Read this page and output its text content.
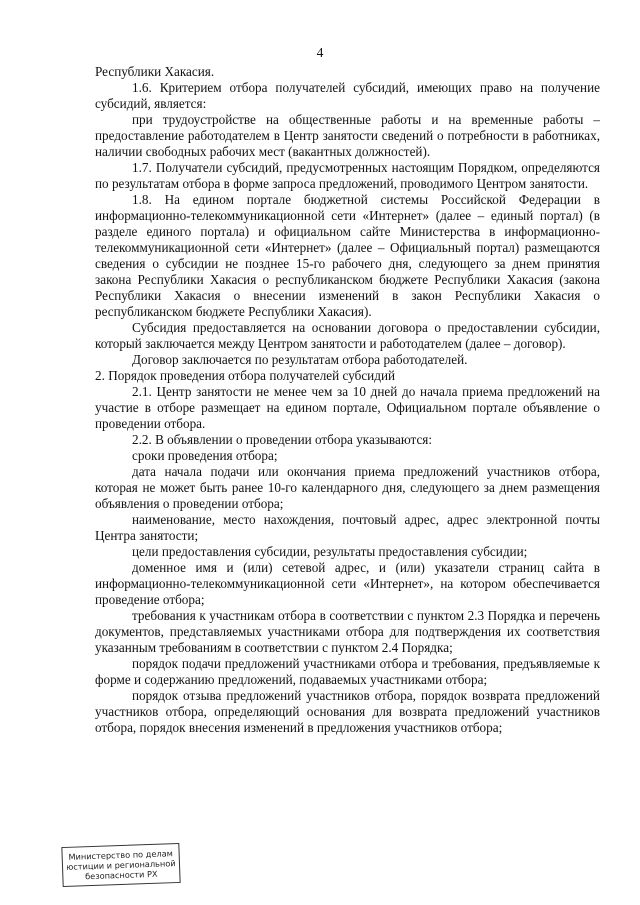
4

Республики Хакасия.

1.6. Критерием отбора получателей субсидий, имеющих право на получение субсидий, является:

при трудоустройстве на общественные работы и на временные работы – предоставление работодателем в Центр занятости сведений о потребности в работниках, наличии свободных рабочих мест (вакантных должностей).

1.7. Получатели субсидий, предусмотренных настоящим Порядком, определяются по результатам отбора в форме запроса предложений, проводимого Центром занятости.

1.8. На едином портале бюджетной системы Российской Федерации в информационно-телекоммуникационной сети «Интернет» (далее – единый портал) (в разделе единого портала) и официальном сайте Министерства в информационно-телекоммуникационной сети «Интернет» (далее – Официальный портал) размещаются сведения о субсидии не позднее 15-го рабочего дня, следующего за днем принятия закона Республики Хакасия о республиканском бюджете Республики Хакасия (закона Республики Хакасия о внесении изменений в закон Республики Хакасия о республиканском бюджете Республики Хакасия).

Субсидия предоставляется на основании договора о предоставлении субсидии, который заключается между Центром занятости и работодателем (далее – договор).

Договор заключается по результатам отбора работодателей.

2. Порядок проведения отбора получателей субсидий

2.1. Центр занятости не менее чем за 10 дней до начала приема предложений на участие в отборе размещает на едином портале, Официальном портале объявление о проведении отбора.

2.2. В объявлении о проведении отбора указываются:

сроки проведения отбора;

дата начала подачи или окончания приема предложений участников отбора, которая не может быть ранее 10-го календарного дня, следующего за днем размещения объявления о проведении отбора;

наименование, место нахождения, почтовый адрес, адрес электронной почты Центра занятости;

цели предоставления субсидии, результаты предоставления субсидии;

доменное имя и (или) сетевой адрес, и (или) указатели страниц сайта в информационно-телекоммуникационной сети «Интернет», на котором обеспечивается проведение отбора;

требования к участникам отбора в соответствии с пунктом 2.3 Порядка и перечень документов, представляемых участниками отбора для подтверждения их соответствия указанным требованиям в соответствии с пунктом 2.4 Порядка;

порядок подачи предложений участниками отбора и требования, предъявляемые к форме и содержанию предложений, подаваемых участниками отбора;

порядок отзыва предложений участников отбора, порядок возврата предложений участников отбора, определяющий основания для возврата предложений участников отбора, порядок внесения изменений в предложения участников отбора;

Министерство по делам
юстиции и региональной
безопасности РХ
